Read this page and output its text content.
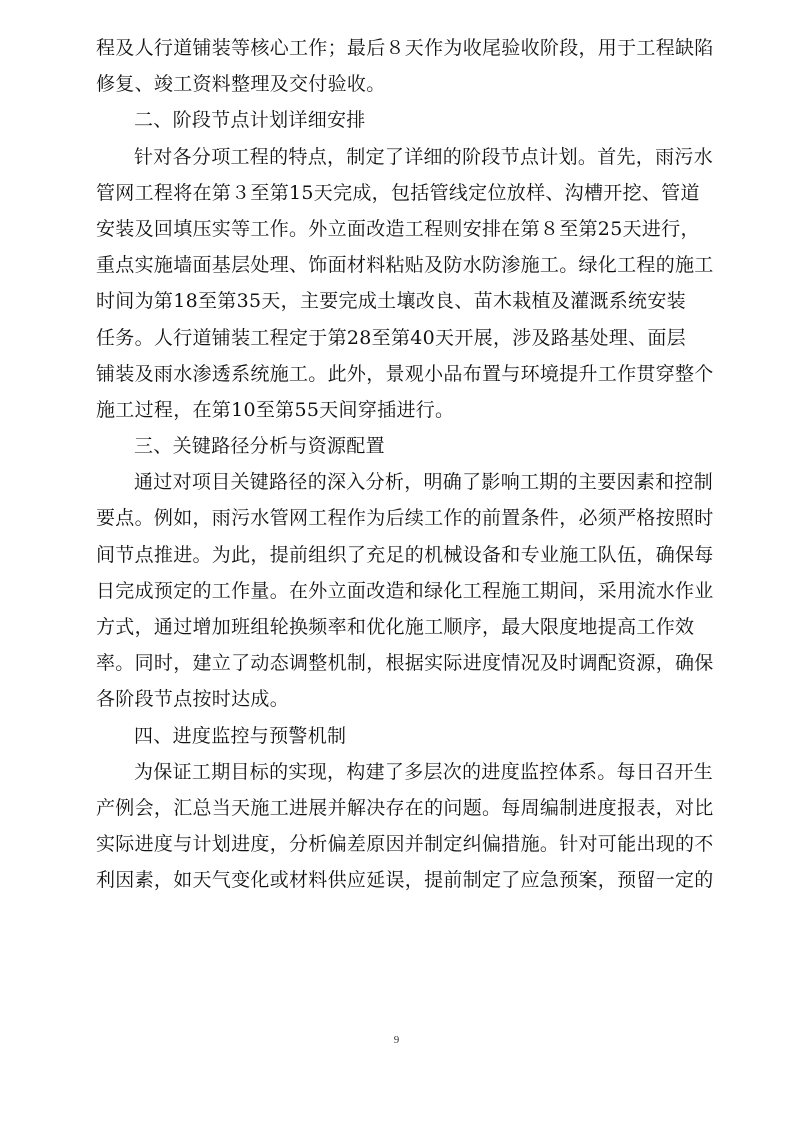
程及人行道铺装等核心工作；最后８天作为收尾验收阶段，用于工程缺陷
修复、竣工资料整理及交付验收。
二、阶段节点计划详细安排
针对各分项工程的特点，制定了详细的阶段节点计划。首先，雨污水
管网工程将在第３至第15天完成，包括管线定位放样、沟槽开挖、管道
安装及回填压实等工作。外立面改造工程则安排在第８至第25天进行，
重点实施墙面基层处理、饰面材料粘贴及防水防渗施工。绿化工程的施工
时间为第18至第35天，主要完成土壤改良、苗木栽植及灌溉系统安装
任务。人行道铺装工程定于第28至第40天开展，涉及路基处理、面层
铺装及雨水渗透系统施工。此外，景观小品布置与环境提升工作贯穿整个
施工过程，在第10至第55天间穿插进行。
三、关键路径分析与资源配置
通过对项目关键路径的深入分析，明确了影响工期的主要因素和控制
要点。例如，雨污水管网工程作为后续工作的前置条件，必须严格按照时
间节点推进。为此，提前组织了充足的机械设备和专业施工队伍，确保每
日完成预定的工作量。在外立面改造和绿化工程施工期间，采用流水作业
方式，通过增加班组轮换频率和优化施工顺序，最大限度地提高工作效
率。同时，建立了动态调整机制，根据实际进度情况及时调配资源，确保
各阶段节点按时达成。
四、进度监控与预警机制
为保证工期目标的实现，构建了多层次的进度监控体系。每日召开生
产例会，汇总当天施工进展并解决存在的问题。每周编制进度报表，对比
实际进度与计划进度，分析偏差原因并制定纠偏措施。针对可能出现的不
利因素，如天气变化或材料供应延误，提前制定了应急预案，预留一定的
9
